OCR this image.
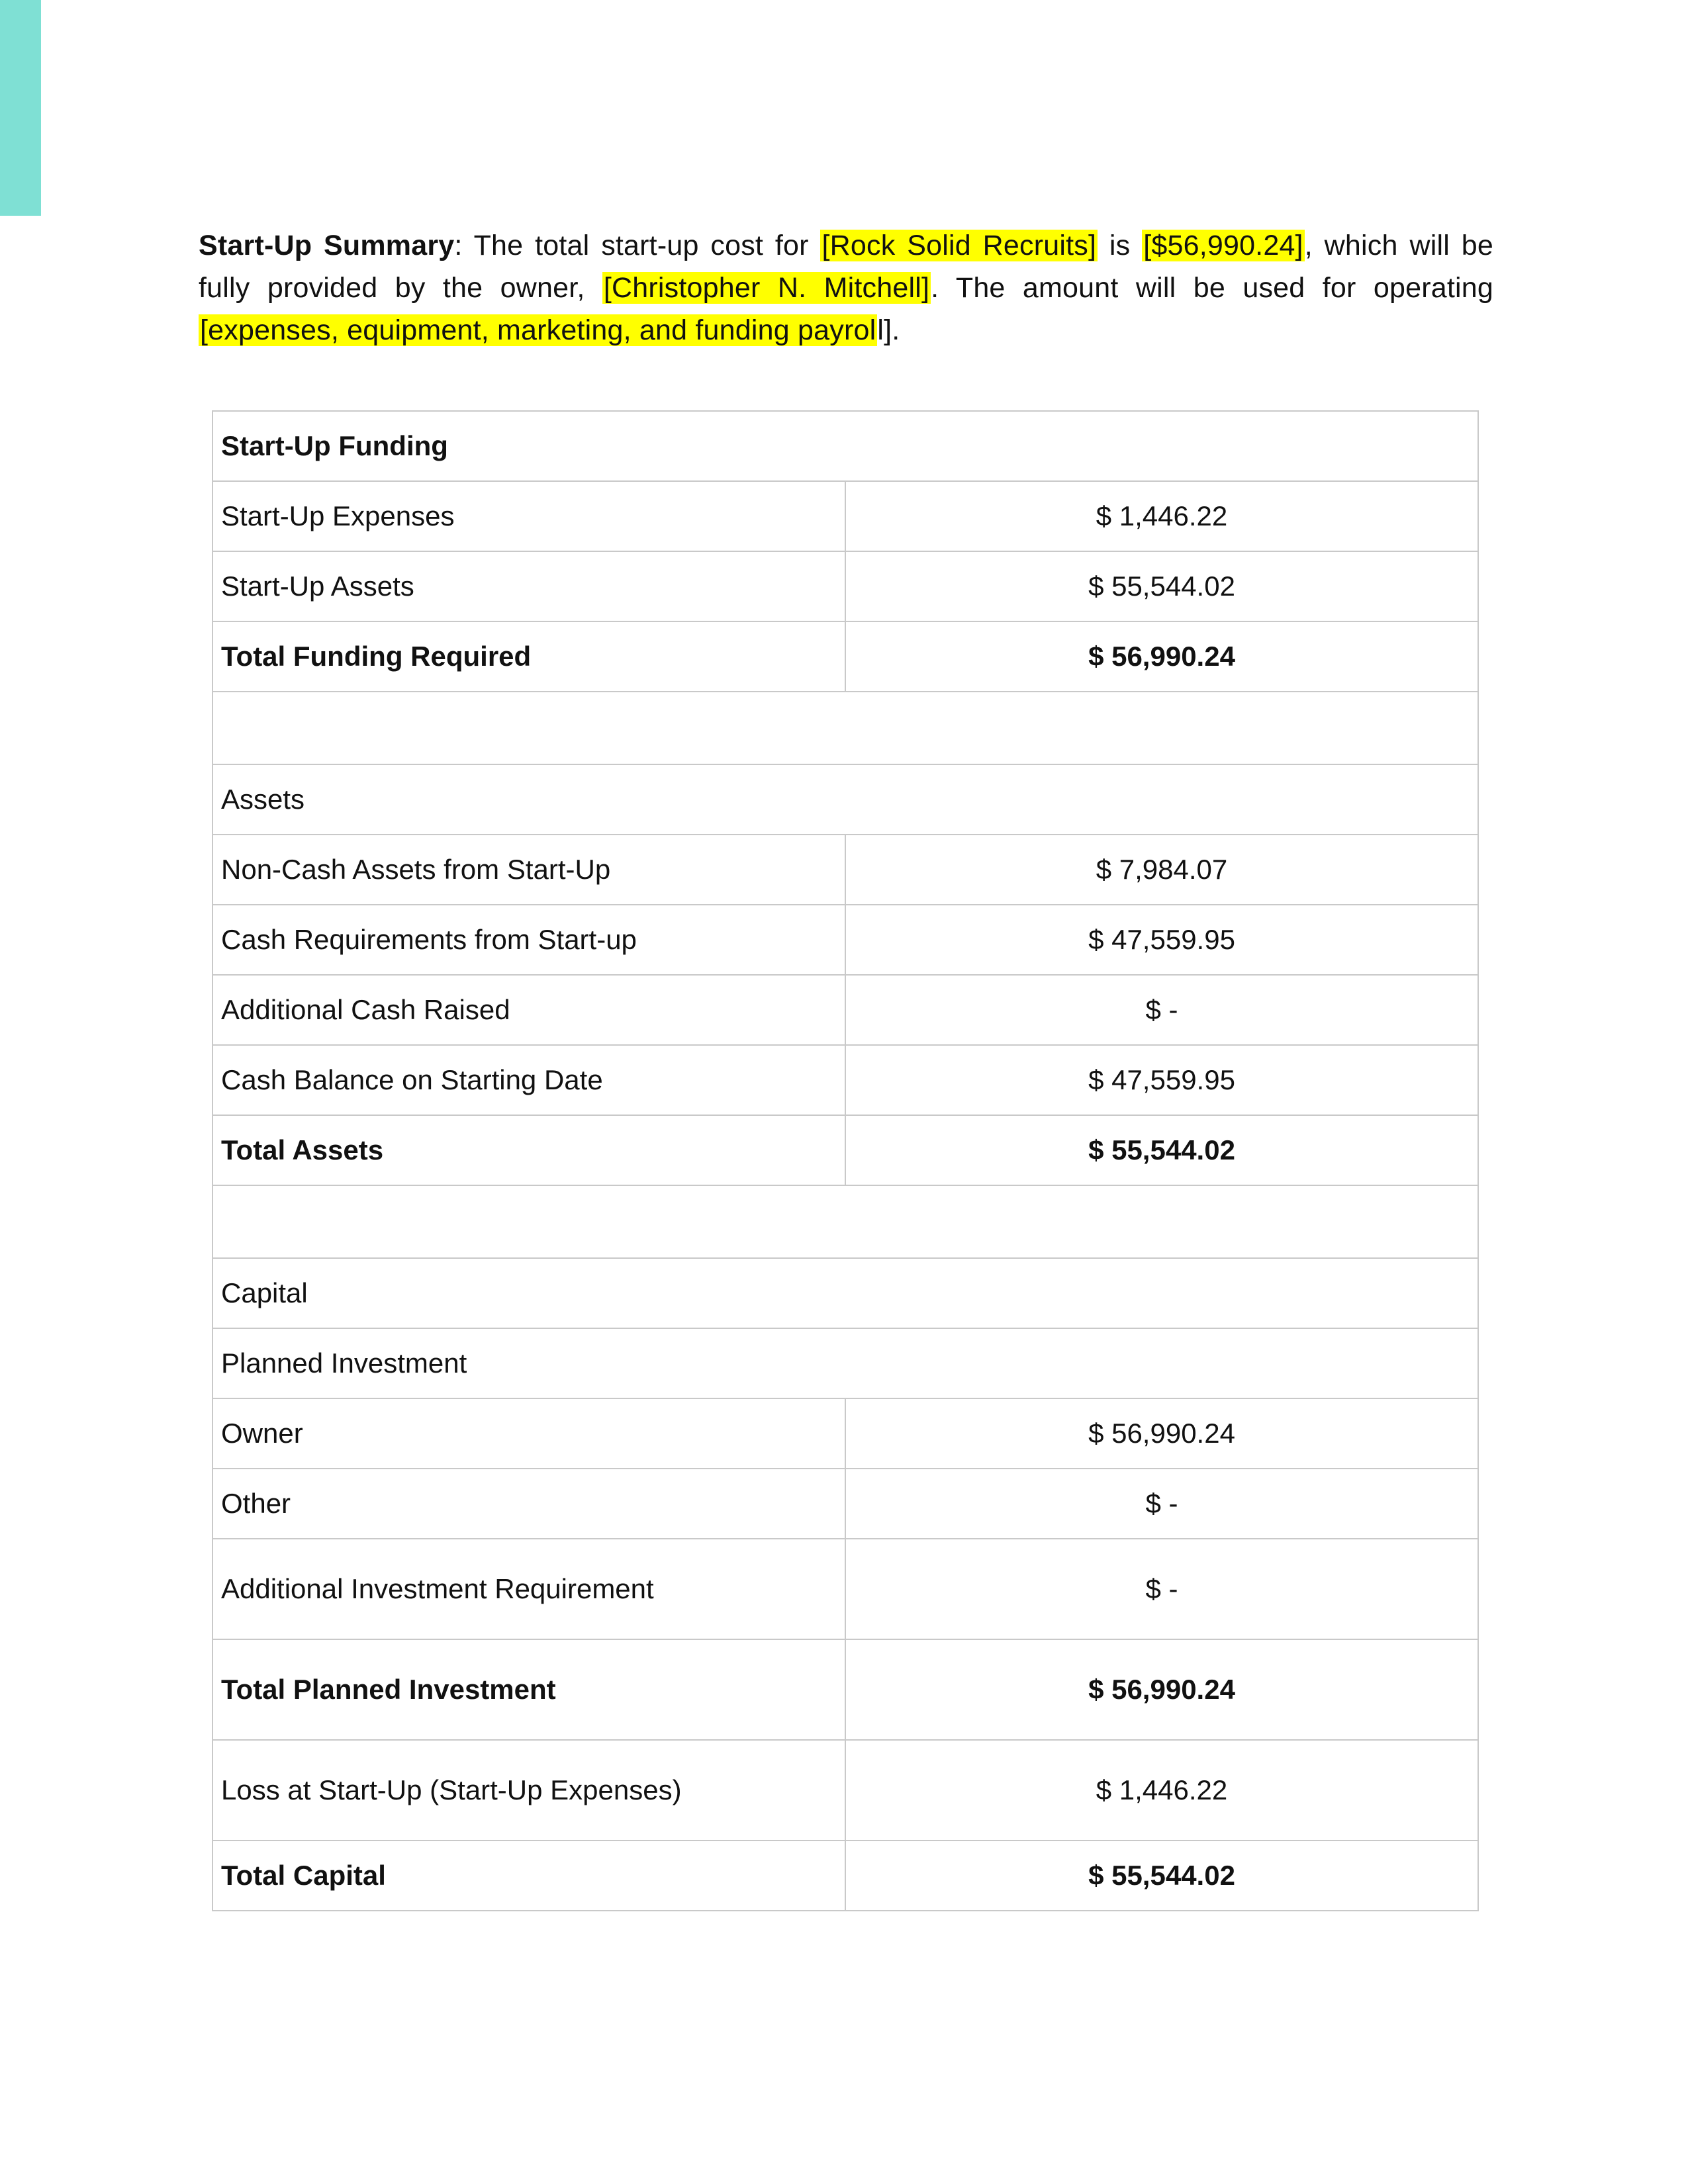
Start-Up Summary: The total start-up cost for [Rock Solid Recruits] is [$56,990.24], which will be fully provided by the owner, [Christopher N. Mitchell]. The amount will be used for operating [expenses, equipment, marketing, and funding payroll].

Start-Up Funding	
Start-Up Expenses	$ 1,446.22
Start-Up Assets	$ 55,544.02
Total Funding Required	$ 56,990.24

Assets	
Non-Cash Assets from Start-Up	$ 7,984.07
Cash Requirements from Start-up	$ 47,559.95
Additional Cash Raised	$ -
Cash Balance on Starting Date	$ 47,559.95
Total Assets	$ 55,544.02

Capital	
Planned Investment	
Owner	$ 56,990.24
Other	$ -
Additional Investment Requirement	$ -
Total Planned Investment	$ 56,990.24
Loss at Start-Up (Start-Up Expenses)	$ 1,446.22
Total Capital	$ 55,544.02
